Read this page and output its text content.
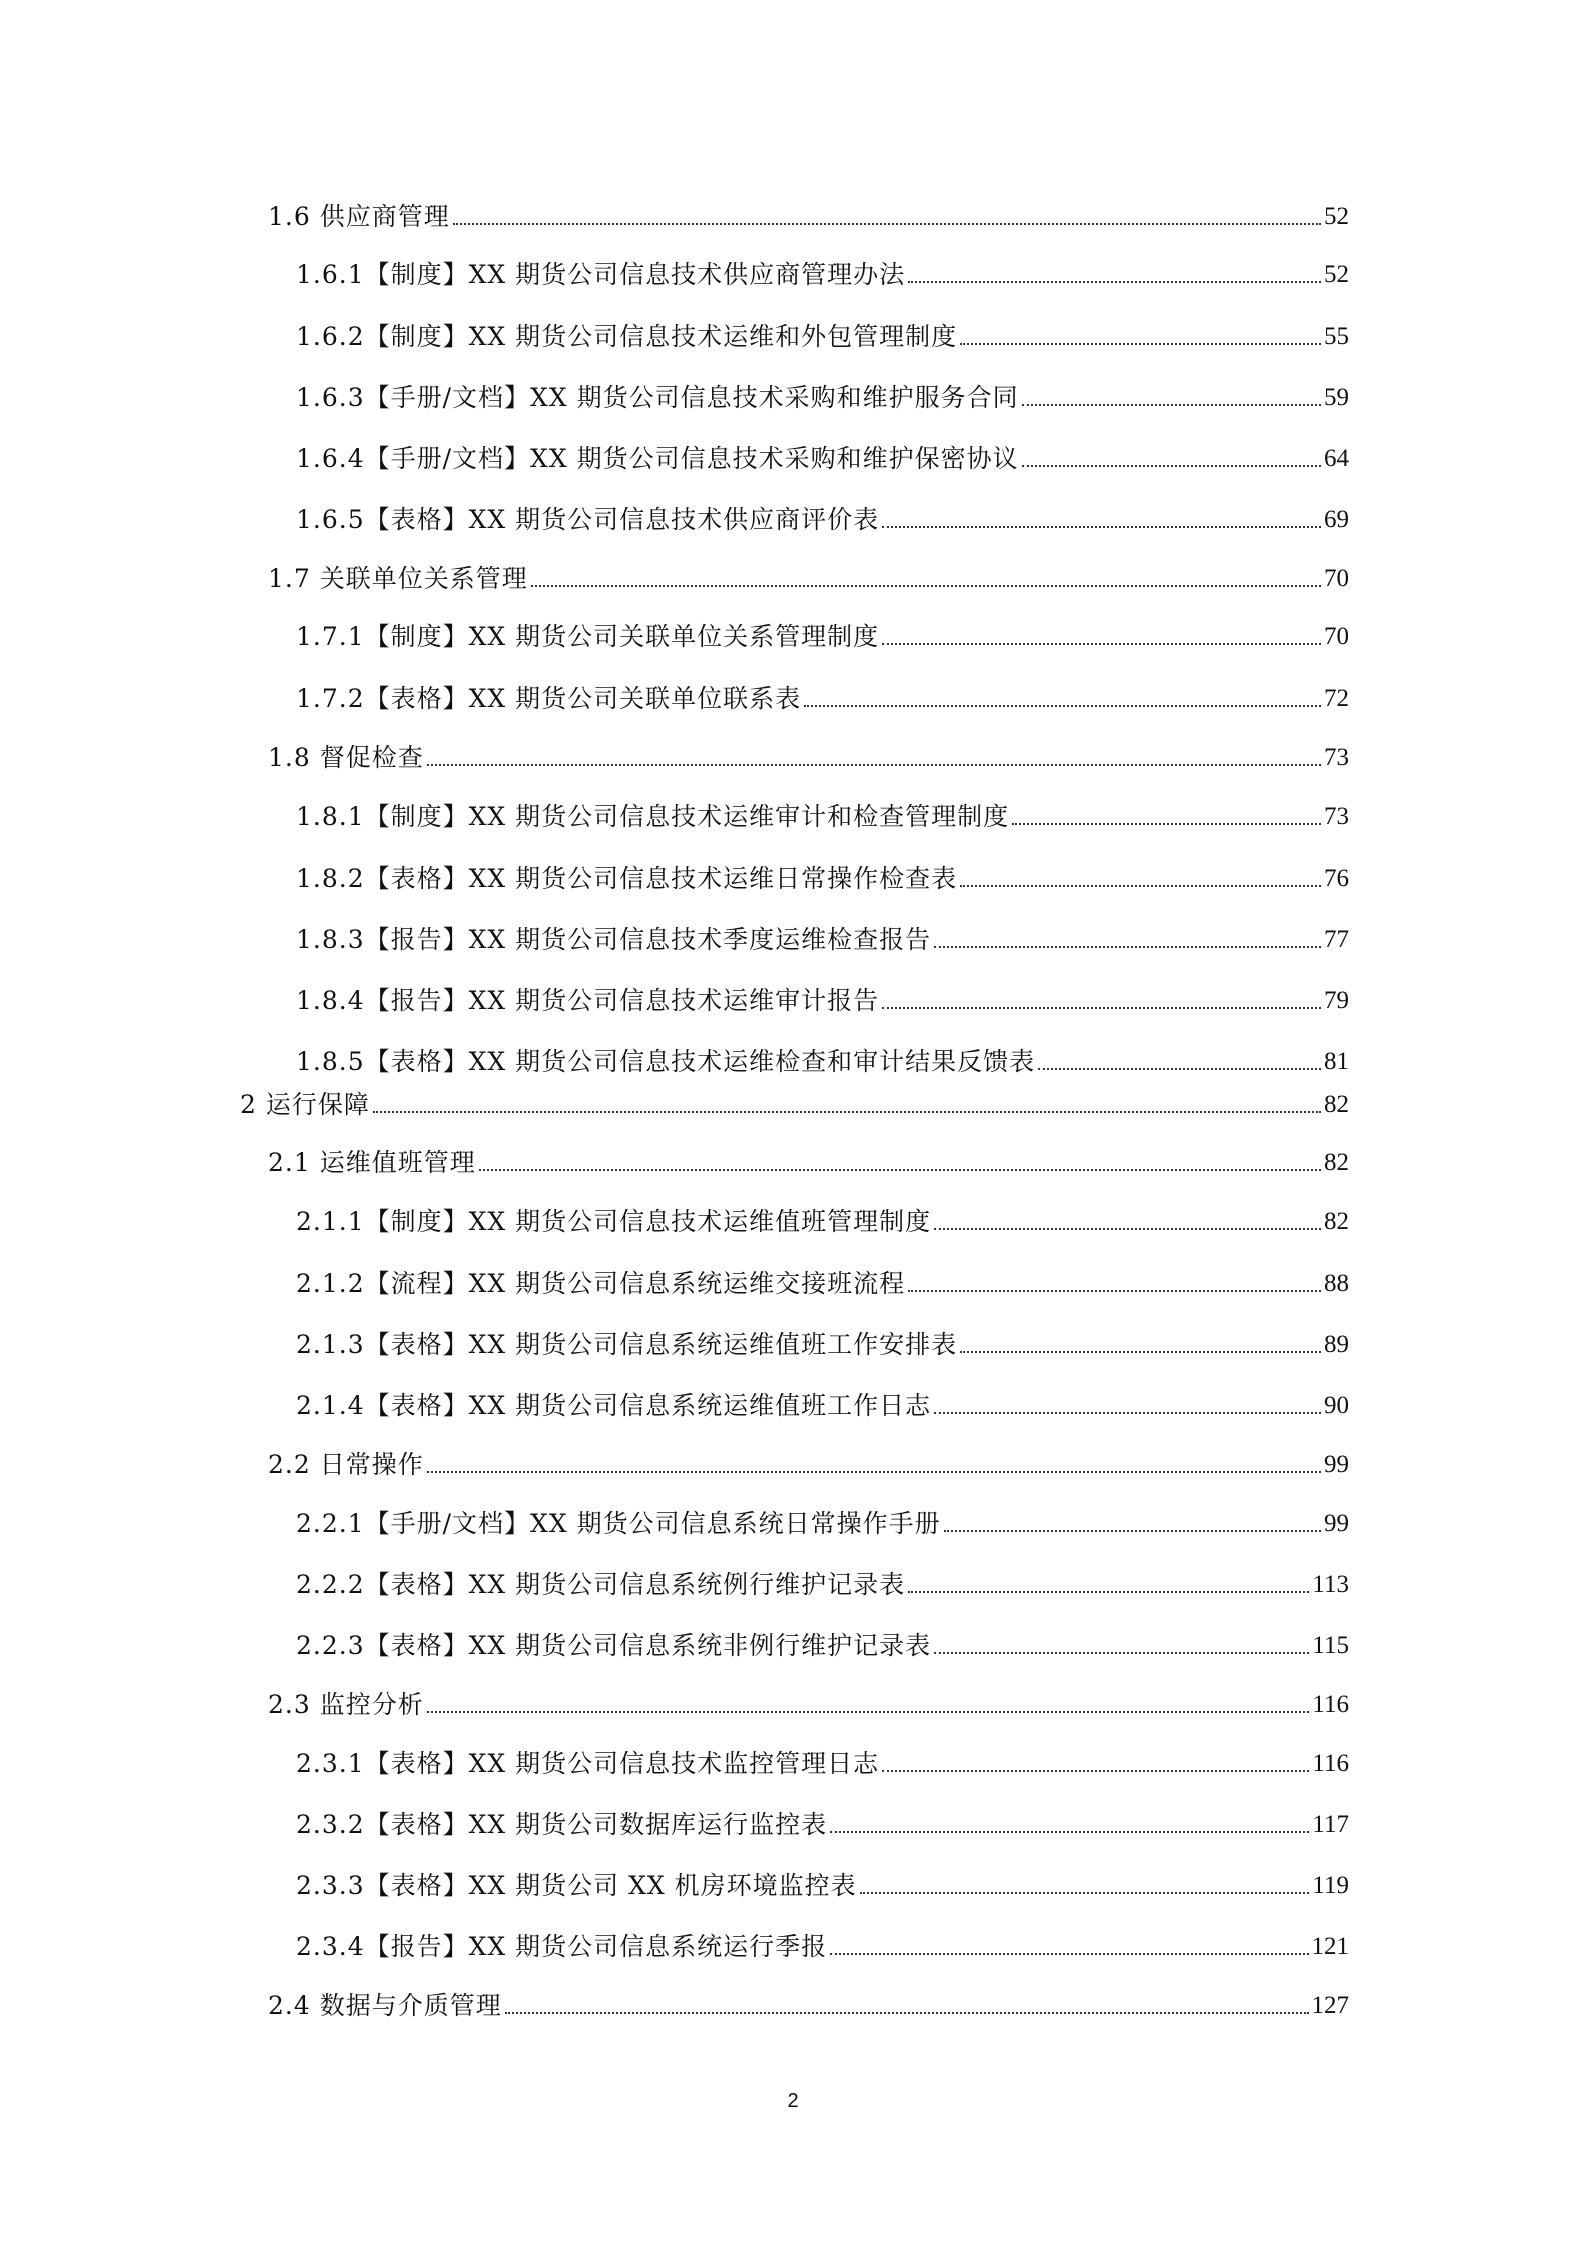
1.6 供应商管理	52
1.6.1【制度】XX 期货公司信息技术供应商管理办法	52
1.6.2【制度】XX 期货公司信息技术运维和外包管理制度	55
1.6.3【手册/文档】XX 期货公司信息技术采购和维护服务合同	59
1.6.4【手册/文档】XX 期货公司信息技术采购和维护保密协议	64
1.6.5【表格】XX 期货公司信息技术供应商评价表	69
1.7 关联单位关系管理	70
1.7.1【制度】XX 期货公司关联单位关系管理制度	70
1.7.2【表格】XX 期货公司关联单位联系表	72
1.8 督促检查	73
1.8.1【制度】XX 期货公司信息技术运维审计和检查管理制度	73
1.8.2【表格】XX 期货公司信息技术运维日常操作检查表	76
1.8.3【报告】XX 期货公司信息技术季度运维检查报告	77
1.8.4【报告】XX 期货公司信息技术运维审计报告	79
1.8.5【表格】XX 期货公司信息技术运维检查和审计结果反馈表	81
2 运行保障	82
2.1 运维值班管理	82
2.1.1【制度】XX 期货公司信息技术运维值班管理制度	82
2.1.2【流程】XX 期货公司信息系统运维交接班流程	88
2.1.3【表格】XX 期货公司信息系统运维值班工作安排表	89
2.1.4【表格】XX 期货公司信息系统运维值班工作日志	90
2.2 日常操作	99
2.2.1【手册/文档】XX 期货公司信息系统日常操作手册	99
2.2.2【表格】XX 期货公司信息系统例行维护记录表	113
2.2.3【表格】XX 期货公司信息系统非例行维护记录表	115
2.3 监控分析	116
2.3.1【表格】XX 期货公司信息技术监控管理日志	116
2.3.2【表格】XX 期货公司数据库运行监控表	117
2.3.3【表格】XX 期货公司 XX 机房环境监控表	119
2.3.4【报告】XX 期货公司信息系统运行季报	121
2.4 数据与介质管理	127
2
